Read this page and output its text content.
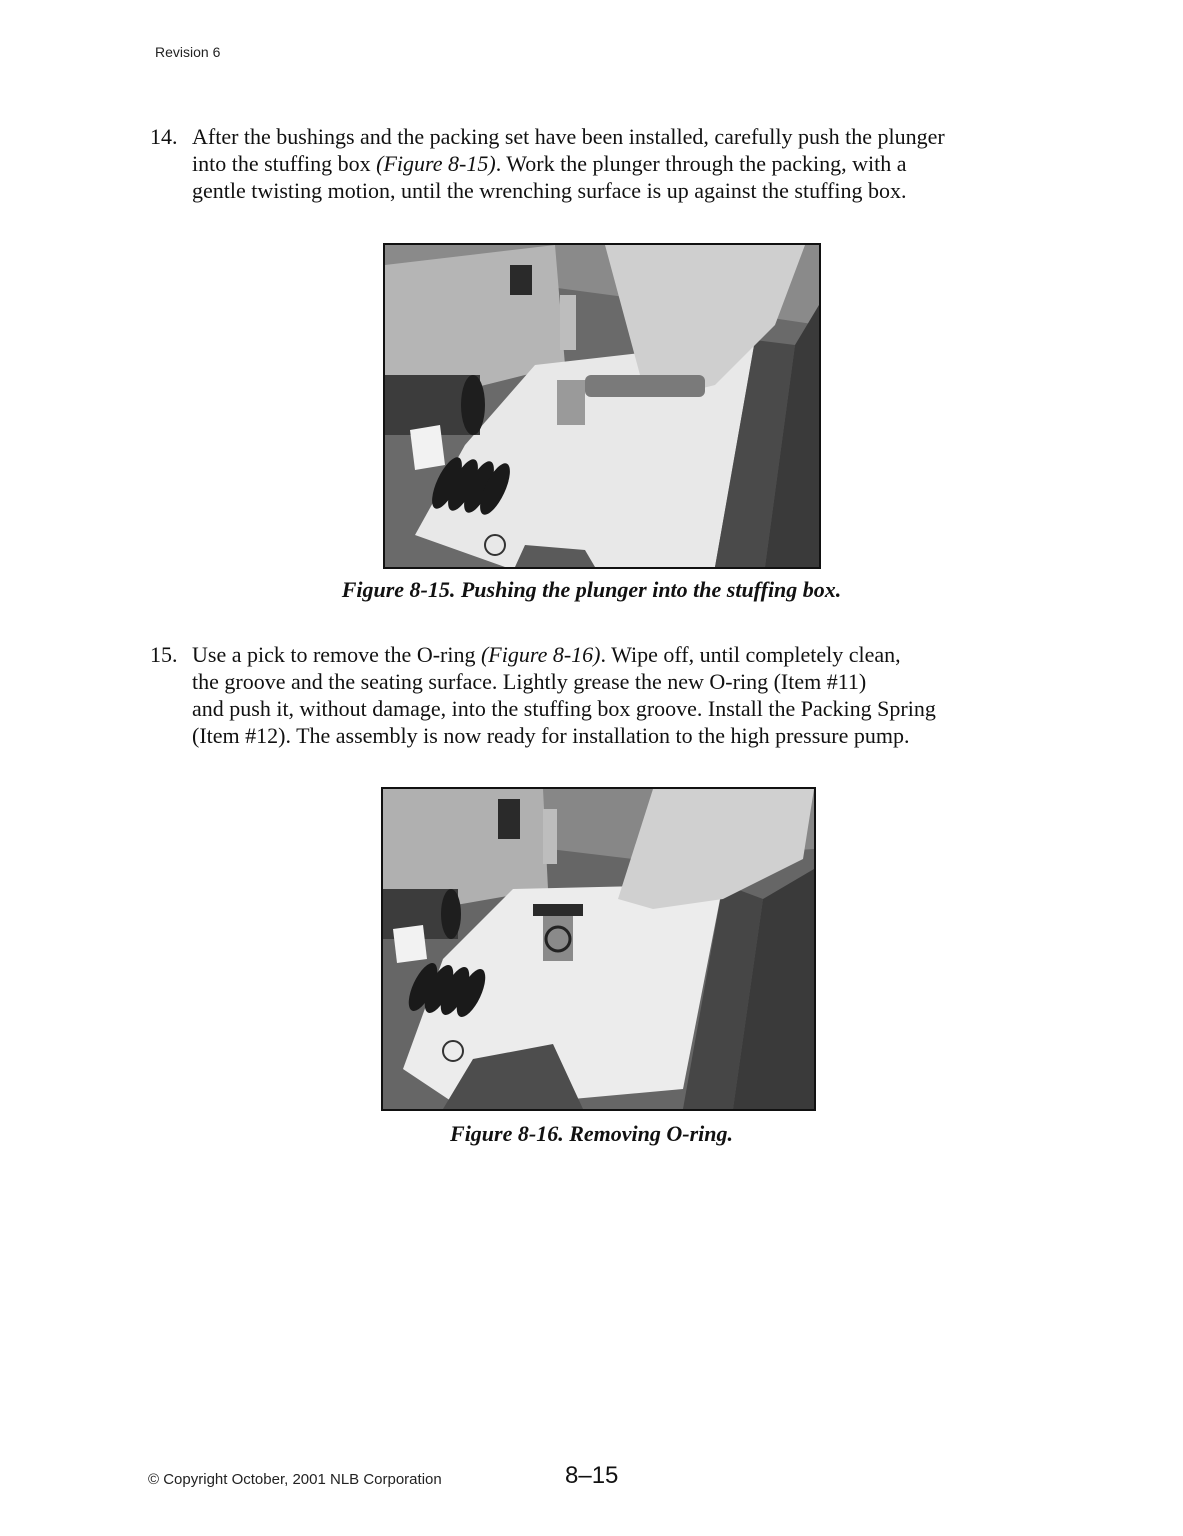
Revision 6
14. After the bushings and the packing set have been installed, carefully push the plunger
into the stuffing box (Figure 8-15). Work the plunger through the packing, with a
gentle twisting motion, until the wrenching surface is up against the stuffing box.
Figure 8-15. Pushing the plunger into the stuffing box.
15. Use a pick to remove the O-ring (Figure 8-16). Wipe off, until completely clean,
the groove and the seating surface. Lightly grease the new O-ring (Item #11)
and push it, without damage, into the stuffing box groove. Install the Packing Spring
(Item #12). The assembly is now ready for installation to the high pressure pump.
Figure 8-16. Removing O-ring.
© Copyright October, 2001 NLB Corporation	8–15
